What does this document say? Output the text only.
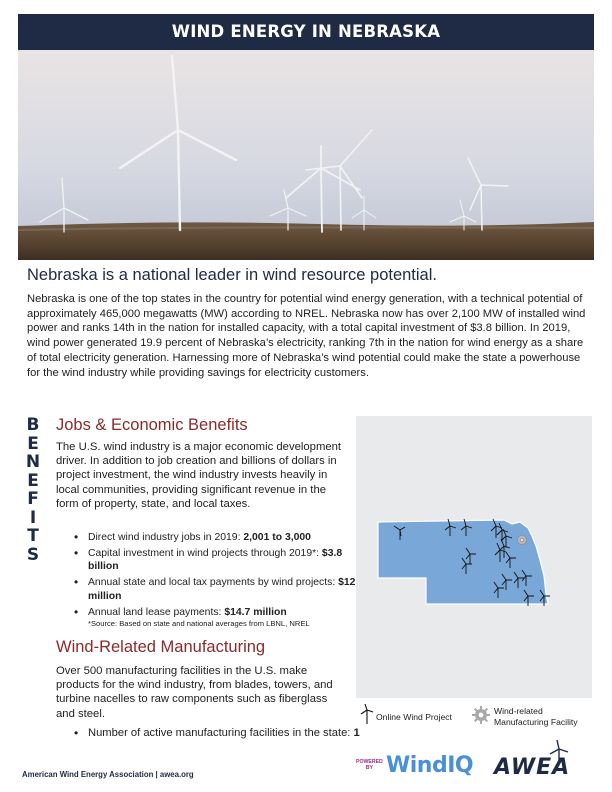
WIND ENERGY IN NEBRASKA
Nebraska is a national leader in wind resource potential.
Nebraska is one of the top states in the country for potential wind energy generation, with a technical potential of approximately 465,000 megawatts (MW) according to NREL. Nebraska now has over 2,100 MW of installed wind power and ranks 14th in the nation for installed capacity, with a total capital investment of $3.8 billion. In 2019, wind power generated 19.9 percent of Nebraska’s electricity, ranking 7th in the nation for wind energy as a share of total electricity generation. Harnessing more of Nebraska’s wind potential could make the state a powerhouse for the wind industry while providing savings for electricity customers.
B
E
N
E
F
I
T
S
Jobs & Economic Benefits
The U.S. wind industry is a major economic development driver. In addition to job creation and billions of dollars in project investment, the wind industry invests heavily in local communities, providing significant revenue in the form of property, state, and local taxes.
• Direct wind industry jobs in 2019: 2,001 to 3,000
• Capital investment in wind projects through 2019*: $3.8 billion
• Annual state and local tax payments by wind projects: $12 million
• Annual land lease payments: $14.7 million
*Source: Based on state and national averages from LBNL, NREL
Wind-Related Manufacturing
Over 500 manufacturing facilities in the U.S. make products for the wind industry, from blades, towers, and turbine nacelles to raw components such as fiberglass and steel.
• Number of active manufacturing facilities in the state: 1
Online Wind Project
Wind-related
Manufacturing Facility
American Wind Energy Association | awea.org
POWERED
BY WindIQ AWEA
